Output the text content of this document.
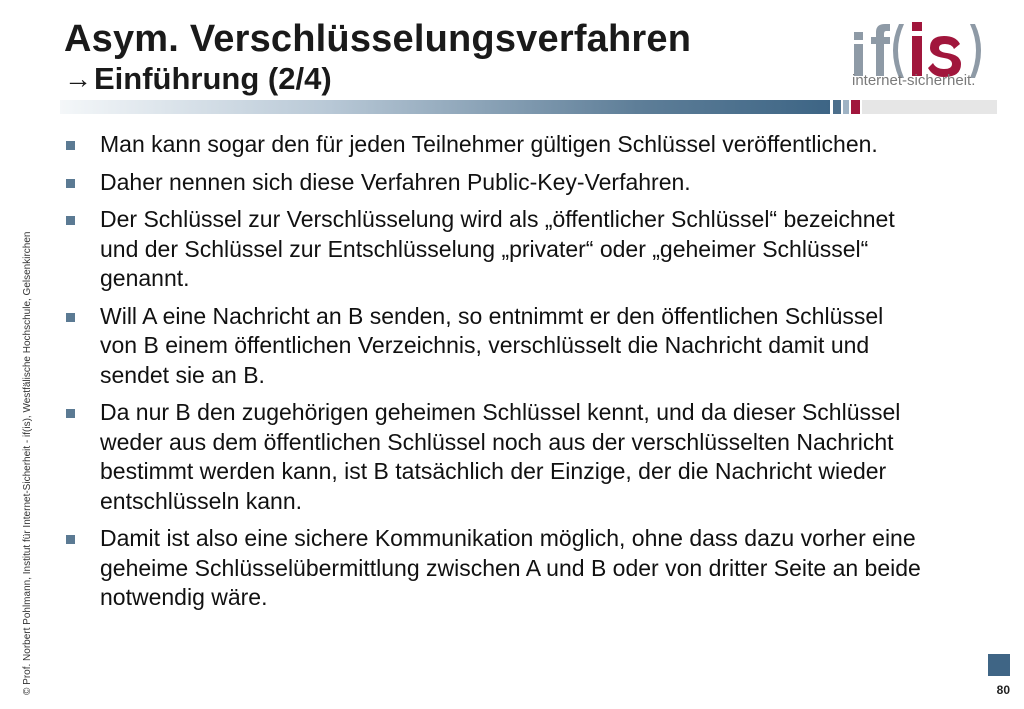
Asym. Verschlüsselungsverfahren
→ Einführung (2/4)	internet-sicherheit.
© Prof. Norbert Pohlmann, Institut für Internet-Sicherheit - if(is), Westfälische Hochschule, Gelsenkirchen
Man kann sogar den für jeden Teilnehmer gültigen Schlüssel veröffentlichen.
Daher nennen sich diese Verfahren Public-Key-Verfahren.
Der Schlüssel zur Verschlüsselung wird als „öffentlicher Schlüssel“ bezeichnet und der Schlüssel zur Entschlüsselung „privater“ oder „geheimer Schlüssel“ genannt.
Will A eine Nachricht an B senden, so entnimmt er den öffentlichen Schlüssel von B einem öffentlichen Verzeichnis, verschlüsselt die Nachricht damit und sendet sie an B.
Da nur B den zugehörigen geheimen Schlüssel kennt, und da dieser Schlüssel weder aus dem öffentlichen Schlüssel noch aus der verschlüsselten Nachricht bestimmt werden kann, ist B tatsächlich der Einzige, der die Nachricht wieder entschlüsseln kann.
Damit ist also eine sichere Kommunikation möglich, ohne dass dazu vorher eine geheime Schlüsselübermittlung zwischen A und B oder von dritter Seite an beide notwendig wäre.
80
